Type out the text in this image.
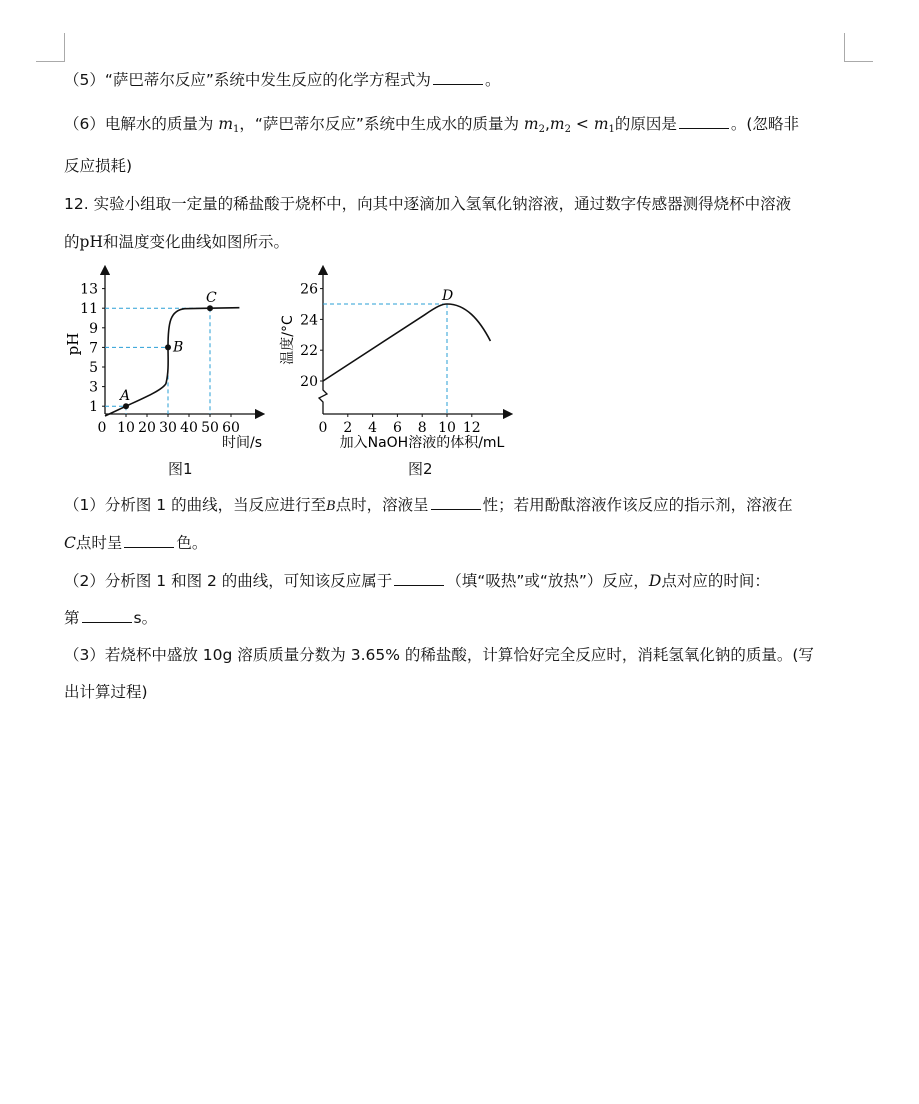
（5）“萨巴蒂尔反应”系统中发生反应的化学方程式为	。
（6）电解水的质量为 $m_1$，“萨巴蒂尔反应”系统中生成水的质量为 $m_2,m_2 < m_1$的原因是	。(忽略非
反应损耗)
12. 实验小组取一定量的稀盐酸于烧杯中，向其中逐滴加入氢氧化钠溶液，通过数字传感器测得烧杯中溶液
的pH和温度变化曲线如图所示。
1
3
5
7
9
11
13
0 10 20 30 40 50 60
A
B
C
pH
时间/s
20
22
24
26
0 2 4 6 8 10 12
D
温度/°C
加入NaOH溶液的体积/mL
图1	图2
（1）分析图 1 的曲线，当反应进行至B点时，溶液呈	性；若用酚酞溶液作该反应的指示剂，溶液在
C点时呈	色。
（2）分析图 1 和图 2 的曲线，可知该反应属于	（填“吸热”或“放热”）反应，D点对应的时间：
第	s。
（3）若烧杯中盛放 10g 溶质质量分数为 3.65% 的稀盐酸，计算恰好完全反应时，消耗氢氧化钠的质量。(写
出计算过程)
